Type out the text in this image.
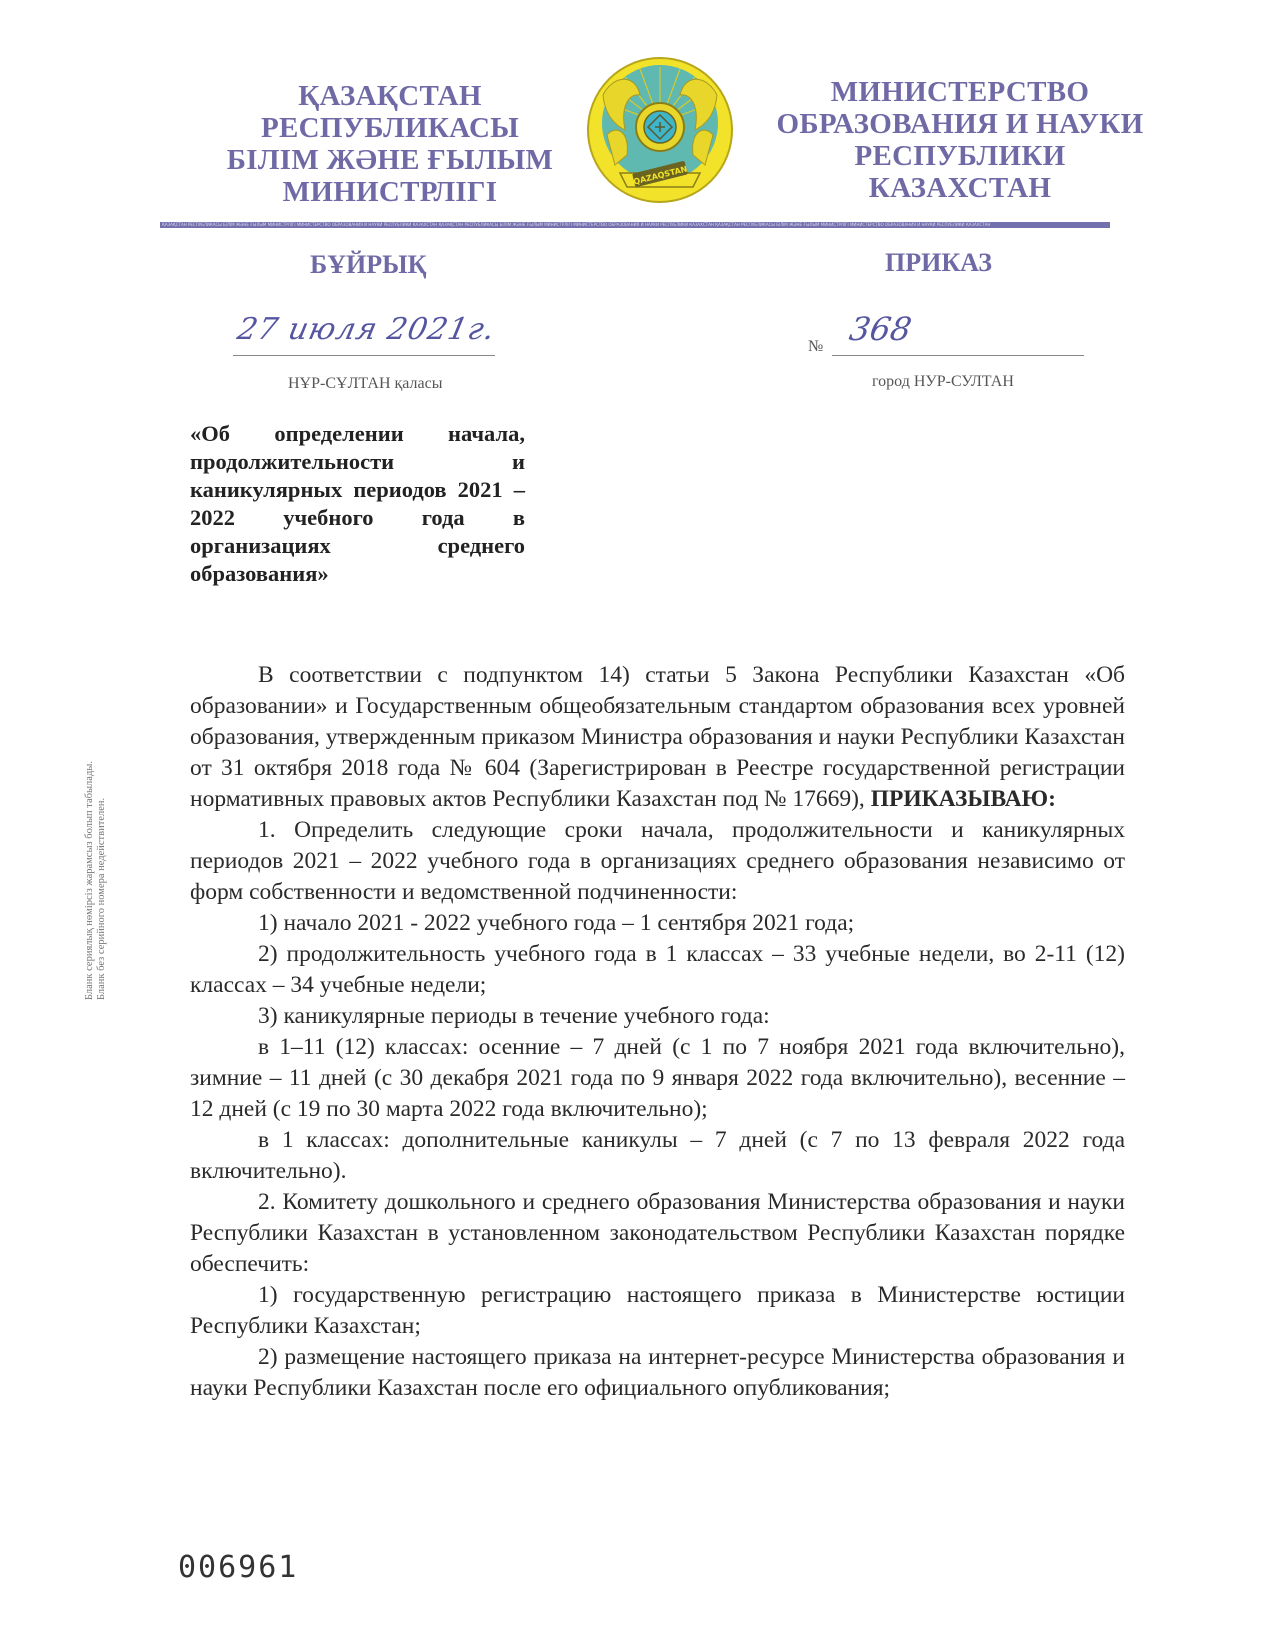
ҚАЗАҚСТАН
РЕСПУБЛИКАСЫ
БІЛІМ ЖӘНЕ ҒЫЛЫМ
МИНИСТРЛІГІ
QAZAQSTAN
МИНИСТЕРСТВО
ОБРАЗОВАНИЯ И НАУКИ
РЕСПУБЛИКИ
КАЗАХСТАН
ҚАЗАҚСТАН РЕСПУБЛИКАСЫ БІЛІМ ЖӘНЕ ҒЫЛЫМ МИНИСТРЛІГІ МИНИСТЕРСТВО ОБРАЗОВАНИЯ И НАУКИ РЕСПУБЛИКИ КАЗАХСТАН ҚАЗАҚСТАН РЕСПУБЛИКАСЫ БІЛІМ ЖӘНЕ ҒЫЛЫМ МИНИСТРЛІГІ МИНИСТЕРСТВО ОБРАЗОВАНИЯ И НАУКИ РЕСПУБЛИКИ КАЗАХСТАН ҚАЗАҚСТАН РЕСПУБЛИКАСЫ БІЛІМ ЖӘНЕ ҒЫЛЫМ МИНИСТРЛІГІ МИНИСТЕРСТВО ОБРАЗОВАНИЯ И НАУКИ РЕСПУБЛИКИ КАЗАХСТАН
БҰЙРЫҚ	ПРИКАЗ
27 июля 2021г.	№ 368
НҰР-СҰЛТАН қаласы	город НУР-СУЛТАН
«Об определении начала, продолжительности и каникулярных периодов 2021 – 2022 учебного года в организациях среднего образования»
Бланк сериялық нөмірсіз жарамсыз болып табылады. Бланк без серийного номера недействителен.

В соответствии с подпунктом 14) статьи 5 Закона Республики Казахстан «Об образовании» и Государственным общеобязательным стандартом образования всех уровней образования, утвержденным приказом Министра образования и науки Республики Казахстан от 31 октября 2018 года № 604 (Зарегистрирован в Реестре государственной регистрации нормативных правовых актов Республики Казахстан под № 17669), ПРИКАЗЫВАЮ:

1. Определить следующие сроки начала, продолжительности и каникулярных периодов 2021 – 2022 учебного года в организациях среднего образования независимо от форм собственности и ведомственной подчиненности:

1) начало 2021 - 2022 учебного года – 1 сентября 2021 года;

2) продолжительность учебного года в 1 классах – 33 учебные недели, во 2-11 (12) классах – 34 учебные недели;

3) каникулярные периоды в течение учебного года:

в 1–11 (12) классах: осенние – 7 дней (с 1 по 7 ноября 2021 года включительно), зимние – 11 дней (с 30 декабря 2021 года по 9 января 2022 года включительно), весенние – 12 дней (с 19 по 30 марта 2022 года включительно);

в 1 классах: дополнительные каникулы – 7 дней (с 7 по 13 февраля 2022 года включительно).

2. Комитету дошкольного и среднего образования Министерства образования и науки Республики Казахстан в установленном законодательством Республики Казахстан порядке обеспечить:

1) государственную регистрацию настоящего приказа в Министерстве юстиции Республики Казахстан;

2) размещение настоящего приказа на интернет-ресурсе Министерства образования и науки Республики Казахстан после его официального опубликования;

006961
